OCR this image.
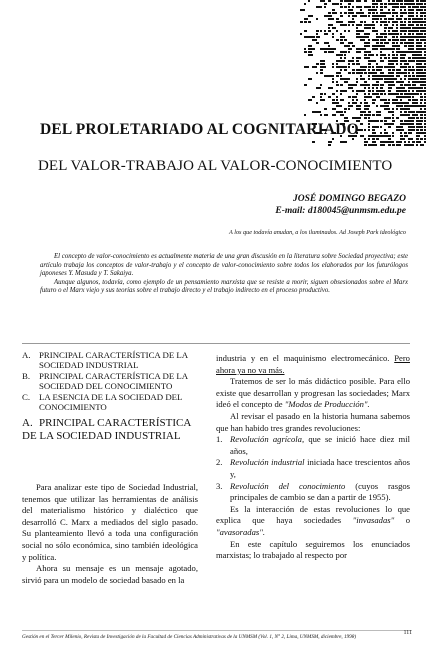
DEL PROLETARIADO AL COGNITARIADO
DEL VALOR-TRABAJO AL VALOR-CONOCIMIENTO
JOSÉ DOMINGO BEGAZO
E-mail: d180045@unmsm.edu.pe
A los que todavía anudan, a los iluminados. Ad Joseph Park ideológico

El concepto de valor-conocimiento es actualmente materia de una gran discusión en la literatura sobre Sociedad proyectiva; este artículo trabaja los conceptos de valor-trabajo y el concepto de valor-conocimiento sobre todos los elaborados por los futurólogos japoneses Y. Masuda y T. Sakaiya.

Aunque algunos, todavía, como ejemplo de un pensamiento marxista que se resiste a morir, siguen obsesionados sobre el Marx futuro o el Marx viejo y sus teorías sobre el trabajo directo y el trabajo indirecto en el proceso productivo.

A. PRINCIPAL CARACTERÍSTICA DE LA SOCIEDAD INDUSTRIAL
B.	PRINCIPAL CARACTERÍSTICA DE LA SOCIEDAD DEL CONOCIMIENTO
C.	LA ESENCIA DE LA SOCIEDAD DEL CONOCIMIENTO
A. PRINCIPAL CARACTERÍSTICA DE LA SOCIEDAD INDUSTRIAL

Para analizar este tipo de Sociedad Industrial, tenemos que utilizar las herramientas de análisis del materialismo histórico y dialéctico que desarrolló C. Marx a mediados del siglo pasado. Su planteamiento llevó a toda una configuración social no sólo económica, sino también ideológica y política.

Ahora su mensaje es un mensaje agotado, sirvió para un modelo de sociedad basado en la

industria y en el maquinismo electromecánico. Pero ahora ya no va más.

Tratemos de ser lo más didáctico posible. Para ello existe que desarrollan y progresan las sociedades; Marx ideó el concepto de "Modos de Producción".

Al revisar el pasado en la historia humana sabemos que han habido tres grandes revoluciones:

1. Revolución agrícola, que se inició hace diez mil años,
2. Revolución industrial iniciada hace trescientos años y,
3. Revolución del conocimiento (cuyos rasgos principales de cambio se dan a partir de 1955).

Es la interacción de estas revoluciones lo que explica que haya sociedades "invasadas" o "avasoradas".

En este capítulo seguiremos los enunciados marxistas; lo trabajado al respecto por

Gestión en el Tercer Milenio, Revista de Investigación de la Facultad de Ciencias Administrativas de la UNMSM (Vol. 1, N° 2, Lima, UNMSM, diciembre, 1998)
111
